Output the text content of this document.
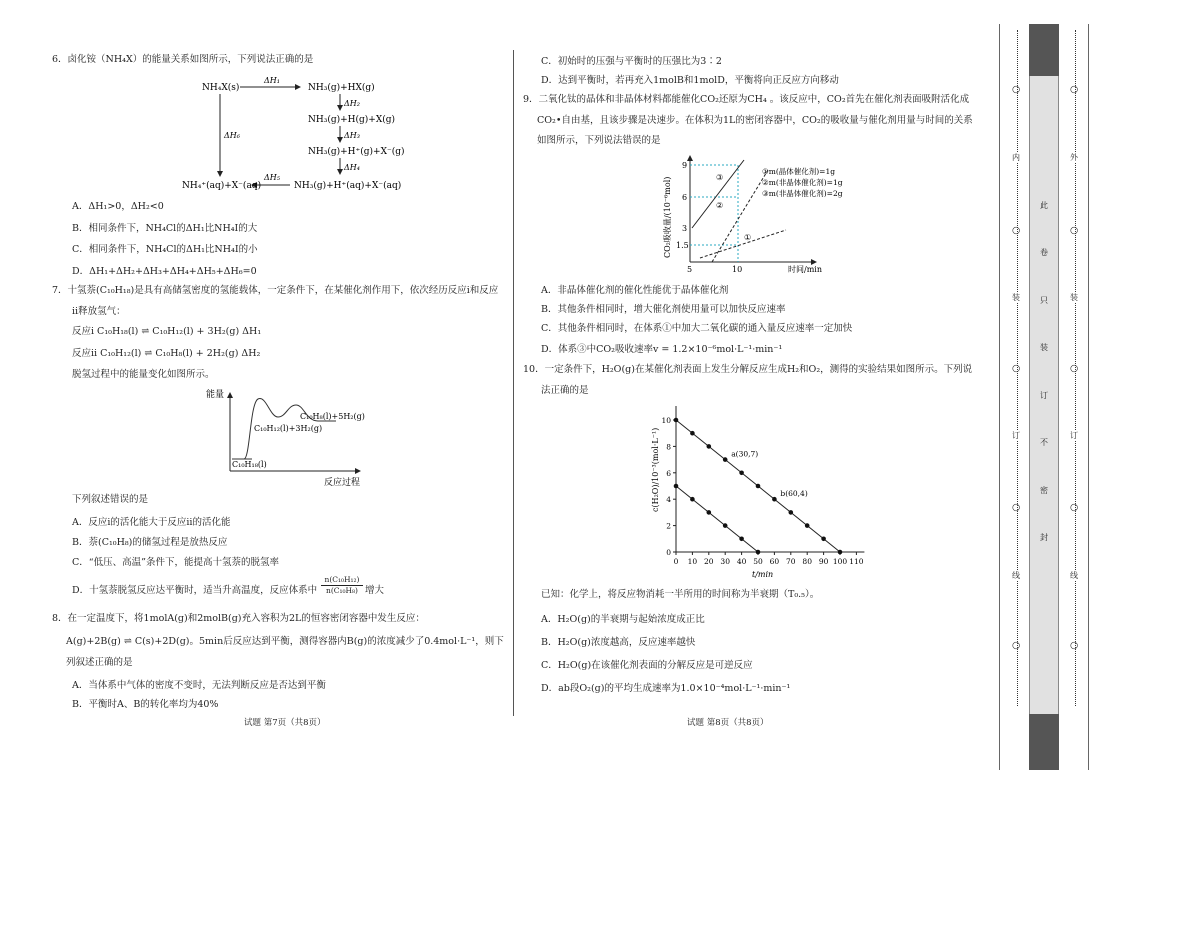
6．卤化铵（NH₄X）的能量关系如图所示，下列说法正确的是
NH₄X(s)
ΔH₁
NH₃(g)+HX(g)
ΔH₂
NH₃(g)+H(g)+X(g)
ΔH₃
NH₃(g)+H⁺(g)+X⁻(g)
ΔH₄
NH₃(g)+H⁺(aq)+X⁻(aq)
ΔH₅
NH₄⁺(aq)+X⁻(aq)
ΔH₆
A．ΔH₁>0，ΔH₂<0
B．相同条件下，NH₄Cl的ΔH₁比NH₄I的大
C．相同条件下，NH₄Cl的ΔH₁比NH₄I的小
D．ΔH₁+ΔH₂+ΔH₃+ΔH₄+ΔH₅+ΔH₆=0
7．十氢萘(C₁₀H₁₈)是具有高储氢密度的氢能载体，一定条件下，在某催化剂作用下，依次经历反应ⅰ和反应
ⅱ释放氢气：
反应ⅰ C₁₀H₁₈(l) ⇌ C₁₀H₁₂(l) + 3H₂(g) ΔH₁
反应ⅱ C₁₀H₁₂(l) ⇌ C₁₀H₈(l) + 2H₂(g) ΔH₂
脱氢过程中的能量变化如图所示。
能量
C₁₀H₁₈(l)
C₁₀H₁₂(l)+3H₂(g)
C₁₀H₈(l)+5H₂(g)
反应过程
下列叙述错误的是
A．反应ⅰ的活化能大于反应ⅱ的活化能
B．萘(C₁₀H₈)的储氢过程是放热反应
C．“低压、高温”条件下，能提高十氢萘的脱氢率
D．十氢萘脱氢反应达平衡时，适当升高温度，反应体系中 $\frac{\text{n(C₁₀H₁₂)}}{\text{n(C₁₀H₈)}}$ 增大
8．在一定温度下，将1molA(g)和2molB(g)充入容积为2L的恒容密闭容器中发生反应：
A(g)+2B(g) ⇌ C(s)+2D(g)。5min后反应达到平衡，测得容器内B(g)的浓度减少了0.4mol·L⁻¹，则下
列叙述正确的是
A．当体系中气体的密度不变时，无法判断反应是否达到平衡
B．平衡时A、B的转化率均为40%
试题 第7页（共8页）
C．初始时的压强与平衡时的压强比为3∶2
D．达到平衡时，若再充入1molB和1molD，平衡将向正反应方向移动
9．二氧化钛的晶体和非晶体材料都能催化CO₂还原为CH₄ 。该反应中，CO₂首先在催化剂表面吸附活化成
CO₂•自由基，且该步骤是决速步。在体积为1L的密闭容器中，CO₂的吸收量与催化剂用量与时间的关系
如图所示，下列说法错误的是
CO₂吸收量/(10⁻⁶mol)
5	10	时间/min
1.5
3
6
9
③
②
①
①m(晶体催化剂)=1g
②m(非晶体催化剂)=1g
③m(非晶体催化剂)=2g
A．非晶体催化剂的催化性能优于晶体催化剂
B．其他条件相同时，增大催化剂使用量可以加快反应速率
C．其他条件相同时，在体系①中加大二氧化碳的通入量反应速率一定加快
D．体系③中CO₂吸收速率v = 1.2×10⁻⁶mol·L⁻¹·min⁻¹
10．一定条件下，H₂O(g)在某催化剂表面上发生分解反应生成H₂和O₂，测得的实验结果如图所示。下列说
法正确的是
c(H₂O)/10⁻³(mol·L⁻¹)
t/min
0 10 20 30 40 50 60 70 80 90 100 110
0
2
4
6
8
10
a(30,7)
b(60,4)
已知：化学上，将反应物消耗一半所用的时间称为半衰期（T₀.₅）。
A．H₂O(g)的半衰期与起始浓度成正比
B．H₂O(g)浓度越高，反应速率越快
C．H₂O(g)在该催化剂表面的分解反应是可逆反应
D．ab段O₂(g)的平均生成速率为1.0×10⁻⁴mol·L⁻¹·min⁻¹
试题 第8页（共8页）
○
○
○
○
○
○
○
○
○
○
内
装
订
线
外
装
订
线
此
卷
只
装
订
不
密
封
